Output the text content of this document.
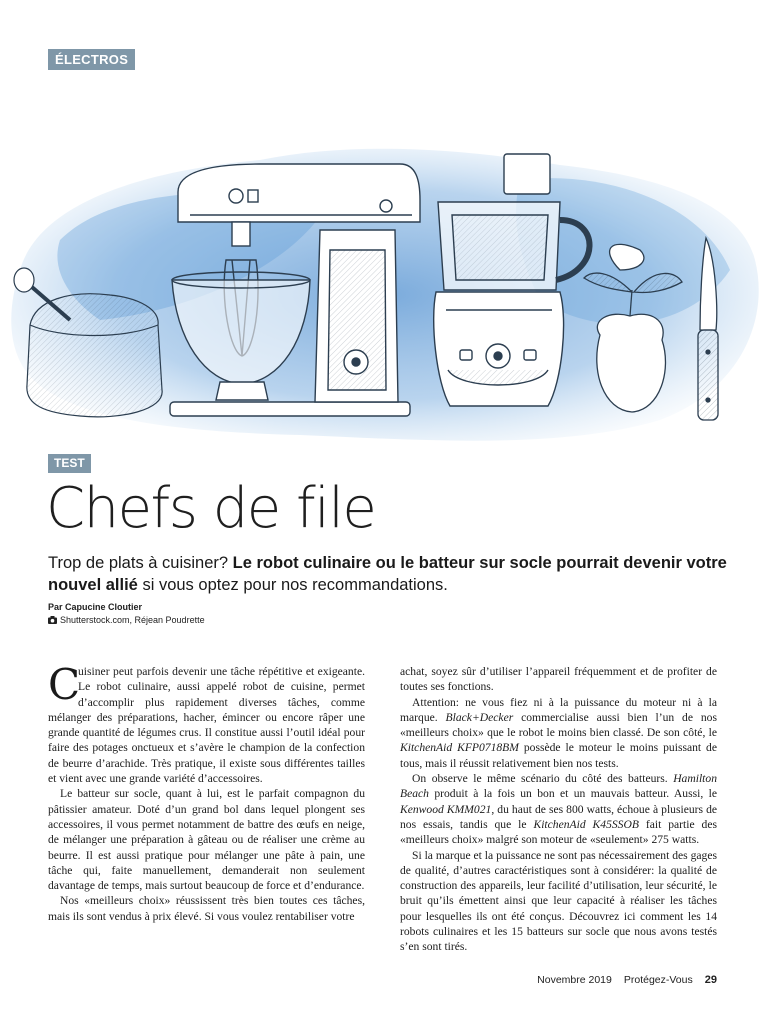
ÉLECTROS
TEST
Chefs de file

Trop de plats à cuisiner? Le robot culinaire ou le batteur sur socle pourrait devenir votre nouvel allié si vous optez pour nos recommandations.

Par Capucine Cloutier
Shutterstock.com, Réjean Poudrette

C
uisiner peut parfois devenir une tâche répétitive et exigeante. Le robot culinaire, aussi appelé robot de cuisine, permet d’accomplir plus rapidement diverses tâches, comme mélanger des préparations, hacher, émincer ou encore râper une grande quantité de légumes crus. Il constitue aussi l’outil idéal pour faire des potages onctueux et s’avère le champion de la confection de beurre d’arachide. Très pratique, il existe sous différentes tailles et vient avec une grande variété d’accessoires.

Le batteur sur socle, quant à lui, est le parfait compagnon du pâtissier amateur. Doté d’un grand bol dans lequel plongent ses accessoires, il vous permet notamment de battre des œufs en neige, de mélanger une préparation à gâteau ou de réaliser une crème au beurre. Il est aussi pratique pour mélanger une pâte à pain, une tâche qui, faite manuellement, demanderait non seulement davantage de temps, mais surtout beaucoup de force et d’endurance.

Nos «meilleurs choix» réussissent très bien toutes ces tâches, mais ils sont vendus à prix élevé. Si vous voulez rentabiliser votre

achat, soyez sûr d’utiliser l’appareil fréquemment et de profiter de toutes ses fonctions.

Attention: ne vous fiez ni à la puissance du moteur ni à la marque. Black+Decker commercialise aussi bien l’un de nos «meilleurs choix» que le robot le moins bien classé. De son côté, le KitchenAid KFP0718BM possède le moteur le moins puissant de tous, mais il réussit relativement bien nos tests.

On observe le même scénario du côté des batteurs. Hamilton Beach produit à la fois un bon et un mauvais batteur. Aussi, le Kenwood KMM021, du haut de ses 800 watts, échoue à plusieurs de nos essais, tandis que le KitchenAid K45SSOB fait partie des «meilleurs choix» malgré son moteur de «seulement» 275 watts.

Si la marque et la puissance ne sont pas nécessairement des gages de qualité, d’autres caractéristiques sont à considérer: la qualité de construction des appareils, leur facilité d’utilisation, leur sécurité, le bruit qu’ils émettent ainsi que leur capacité à réaliser les tâches pour lesquelles ils ont été conçus. Découvrez ici comment les 14 robots culinaires et les 15 batteurs sur socle que nous avons testés s’en sont tirés.

Novembre 2019 Protégez-Vous 29
